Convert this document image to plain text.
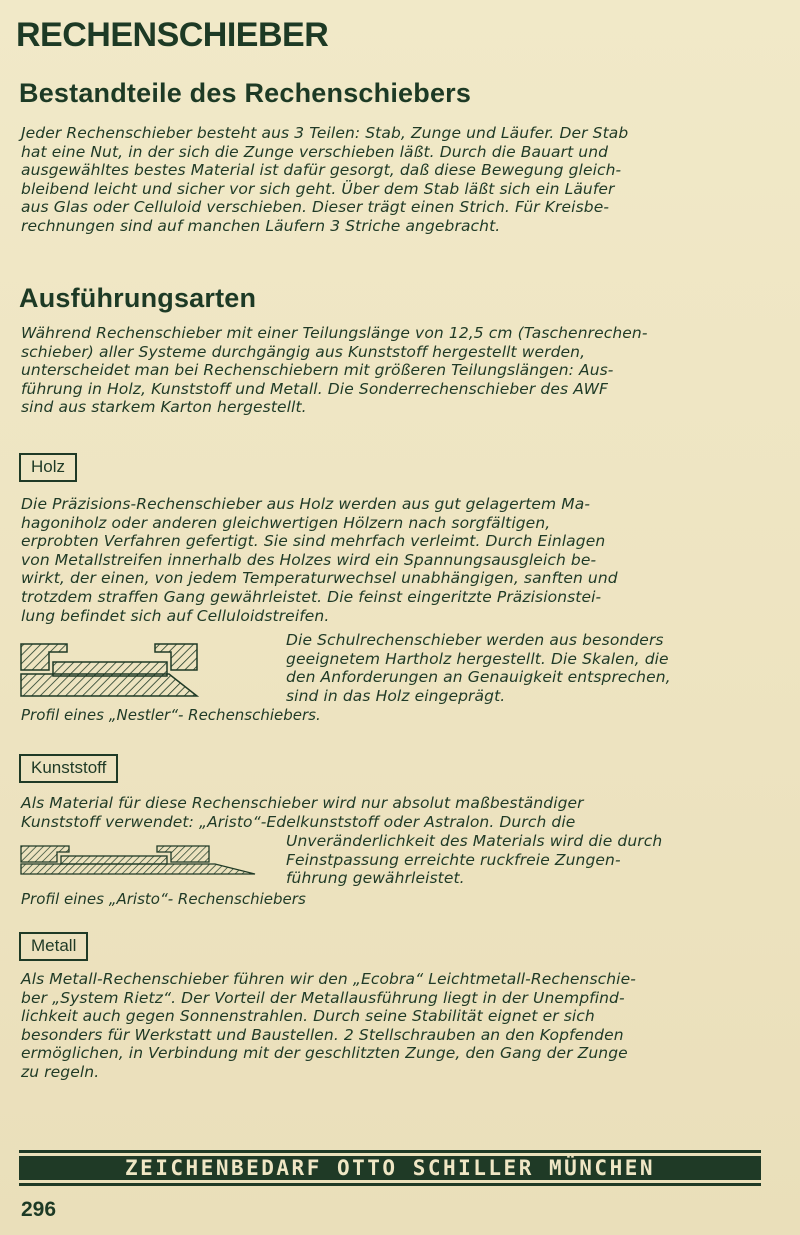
RECHENSCHIEBER
Bestandteile des Rechenschiebers
Jeder Rechenschieber besteht aus 3 Teilen: Stab, Zunge und Läufer. Der Stab
hat eine Nut, in der sich die Zunge verschieben läßt. Durch die Bauart und
ausgewähltes bestes Material ist dafür gesorgt, daß diese Bewegung gleich-
bleibend leicht und sicher vor sich geht. Über dem Stab läßt sich ein Läufer
aus Glas oder Celluloid verschieben. Dieser trägt einen Strich. Für Kreisbe-
rechnungen sind auf manchen Läufern 3 Striche angebracht.
Ausführungsarten
Während Rechenschieber mit einer Teilungslänge von 12,5 cm (Taschenrechen-
schieber) aller Systeme durchgängig aus Kunststoff hergestellt werden,
unterscheidet man bei Rechenschiebern mit größeren Teilungslängen: Aus-
führung in Holz, Kunststoff und Metall. Die Sonderrechenschieber des AWF
sind aus starkem Karton hergestellt.
Holz
Die Präzisions-Rechenschieber aus Holz werden aus gut gelagertem Ma-
hagoniholz oder anderen gleichwertigen Hölzern nach sorgfältigen,
erprobten Verfahren gefertigt. Sie sind mehrfach verleimt. Durch Einlagen
von Metallstreifen innerhalb des Holzes wird ein Spannungsausgleich be-
wirkt, der einen, von jedem Temperaturwechsel unabhängigen, sanften und
trotzdem straffen Gang gewährleistet. Die feinst eingeritzte Präzisionstei-
lung befindet sich auf Celluloidstreifen.
Die Schulrechenschieber werden aus besonders
geeignetem Hartholz hergestellt. Die Skalen, die
den Anforderungen an Genauigkeit entsprechen,
sind in das Holz eingeprägt.
Profil eines „Nestler“- Rechenschiebers.
Kunststoff
Als Material für diese Rechenschieber wird nur absolut maßbeständiger
Kunststoff verwendet: „Aristo“-Edelkunststoff oder Astralon. Durch die
Unveränderlichkeit des Materials wird die durch
Feinstpassung erreichte ruckfreie Zungen-
führung gewährleistet.
Profil eines „Aristo“- Rechenschiebers
Metall
Als Metall-Rechenschieber führen wir den „Ecobra“ Leichtmetall-Rechenschie-
ber „System Rietz“. Der Vorteil der Metallausführung liegt in der Unempfind-
lichkeit auch gegen Sonnenstrahlen. Durch seine Stabilität eignet er sich
besonders für Werkstatt und Baustellen. 2 Stellschrauben an den Kopfenden
ermöglichen, in Verbindung mit der geschlitzten Zunge, den Gang der Zunge
zu regeln.
ZEICHENBEDARF OTTO SCHILLER MÜNCHEN
296
